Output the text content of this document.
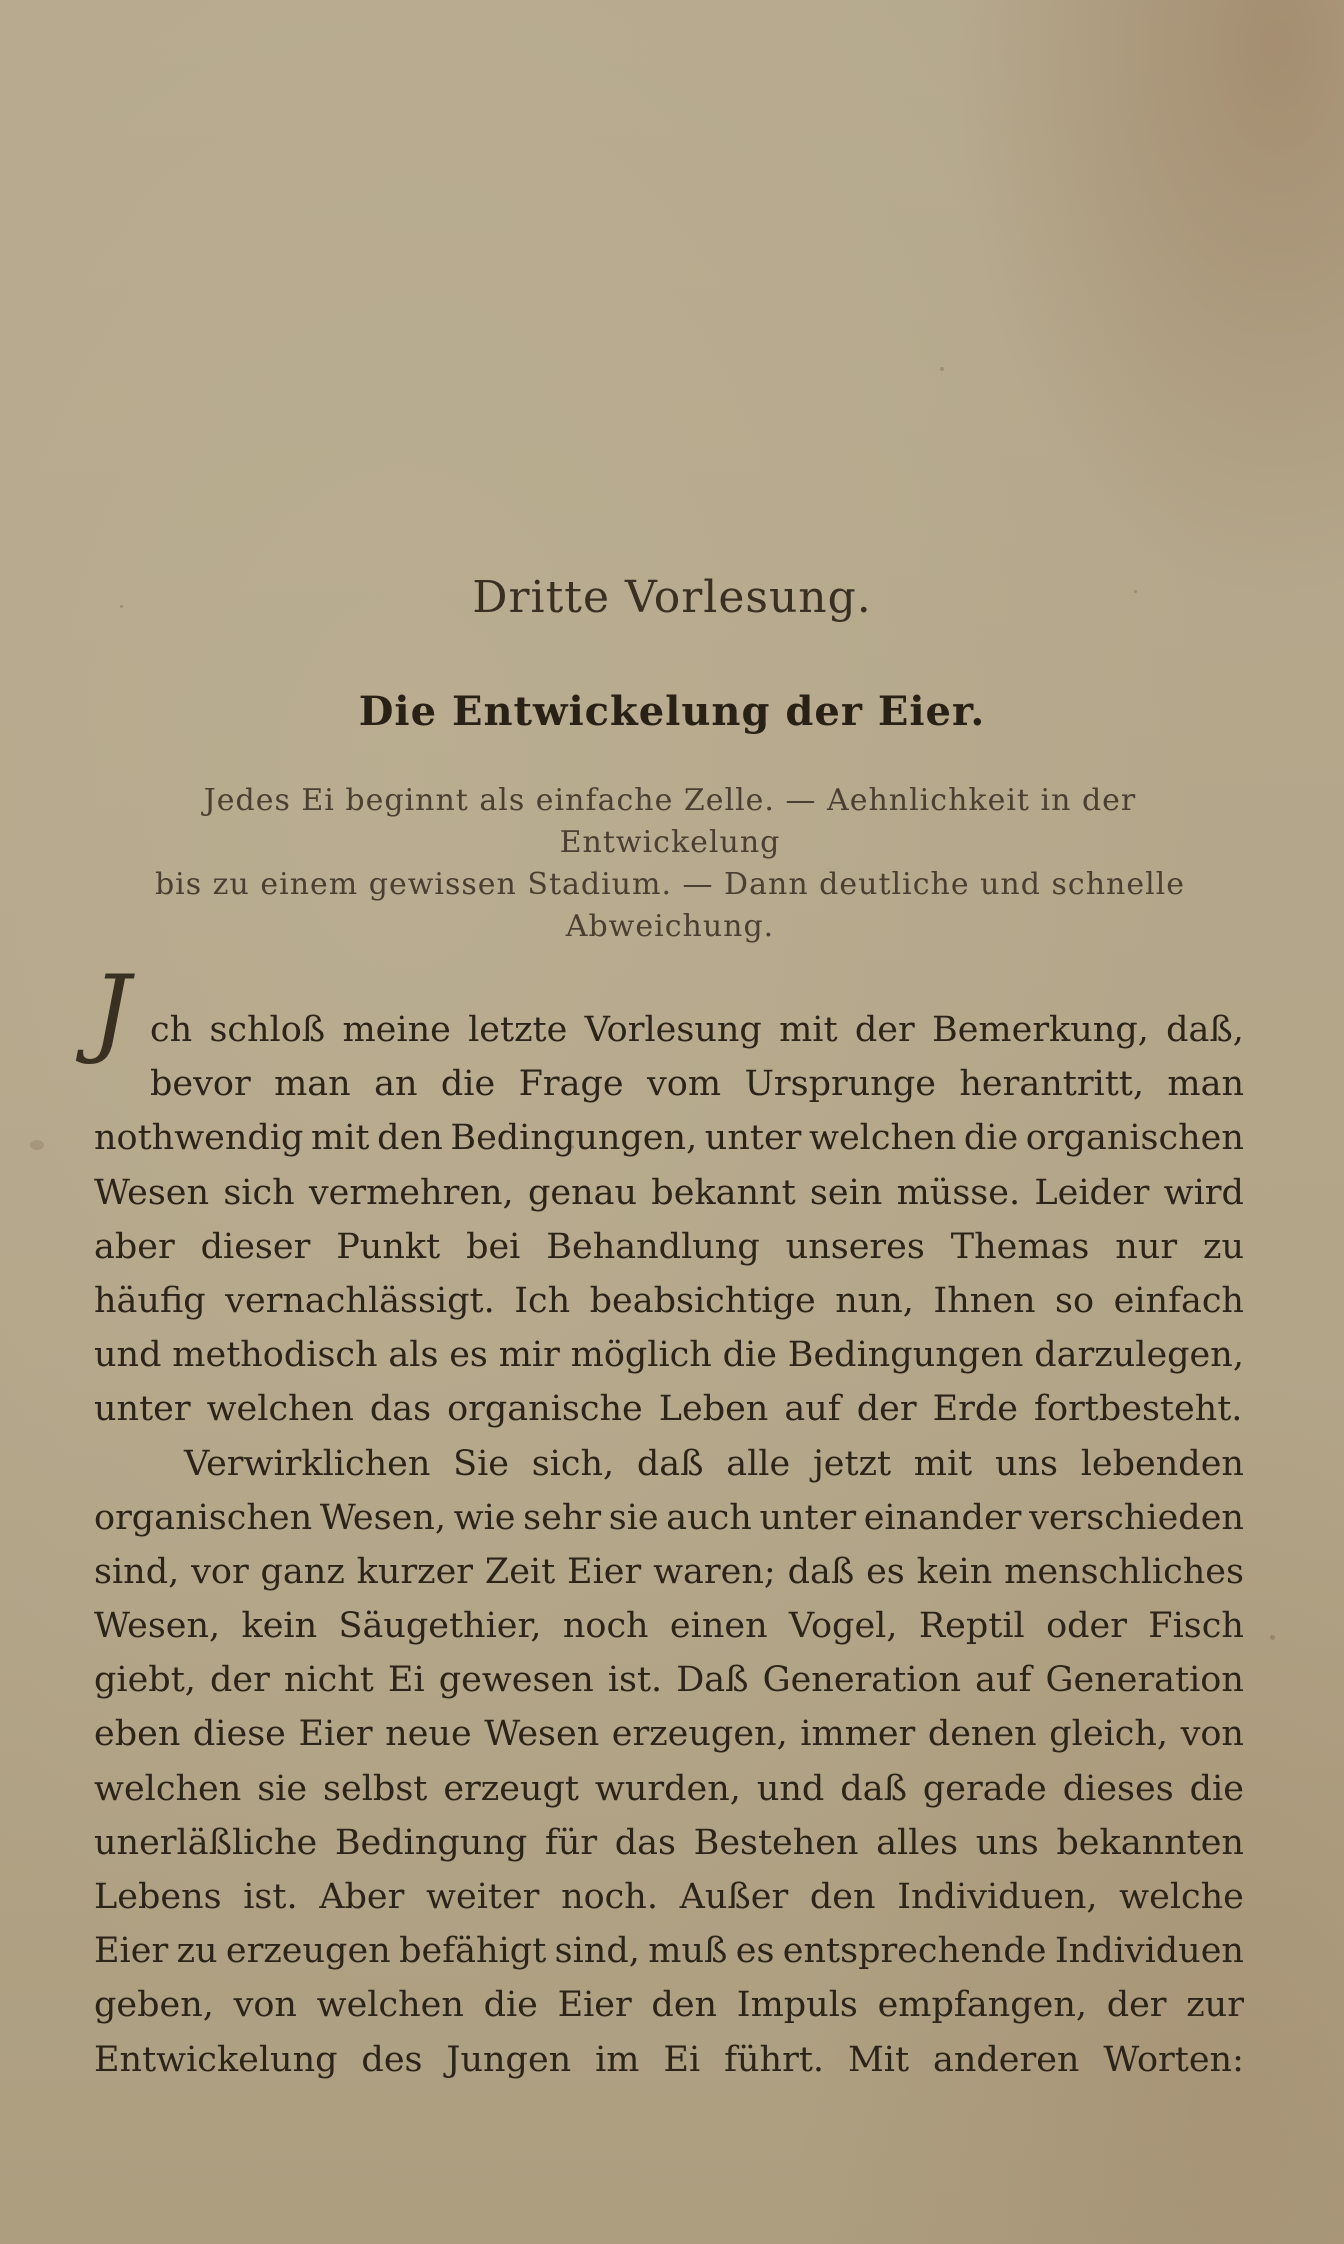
Dritte Vorlesung.
Die Entwickelung der Eier.
Jedes Ei beginnt als einfache Zelle. — Aehnlichkeit in der Entwickelung
bis zu einem gewissen Stadium. — Dann deutliche und schnelle
Abweichung.
J ch schloß meine letzte Vorlesung mit der Bemerkung, daß,
bevor man an die Frage vom Ursprunge herantritt, man
nothwendig mit den Bedingungen, unter welchen die organischen
Wesen sich vermehren, genau bekannt sein müsse. Leider wird
aber dieser Punkt bei Behandlung unseres Themas nur zu
häufig vernachlässigt. Ich beabsichtige nun, Ihnen so einfach
und methodisch als es mir möglich die Bedingungen darzulegen,
unter welchen das organische Leben auf der Erde fortbesteht.
Verwirklichen Sie sich, daß alle jetzt mit uns lebenden
organischen Wesen, wie sehr sie auch unter einander verschieden
sind, vor ganz kurzer Zeit Eier waren; daß es kein menschliches
Wesen, kein Säugethier, noch einen Vogel, Reptil oder Fisch
giebt, der nicht Ei gewesen ist. Daß Generation auf Generation
eben diese Eier neue Wesen erzeugen, immer denen gleich, von
welchen sie selbst erzeugt wurden, und daß gerade dieses die
unerläßliche Bedingung für das Bestehen alles uns bekannten
Lebens ist. Aber weiter noch. Außer den Individuen, welche
Eier zu erzeugen befähigt sind, muß es entsprechende Individuen
geben, von welchen die Eier den Impuls empfangen, der zur
Entwickelung des Jungen im Ei führt. Mit anderen Worten:
